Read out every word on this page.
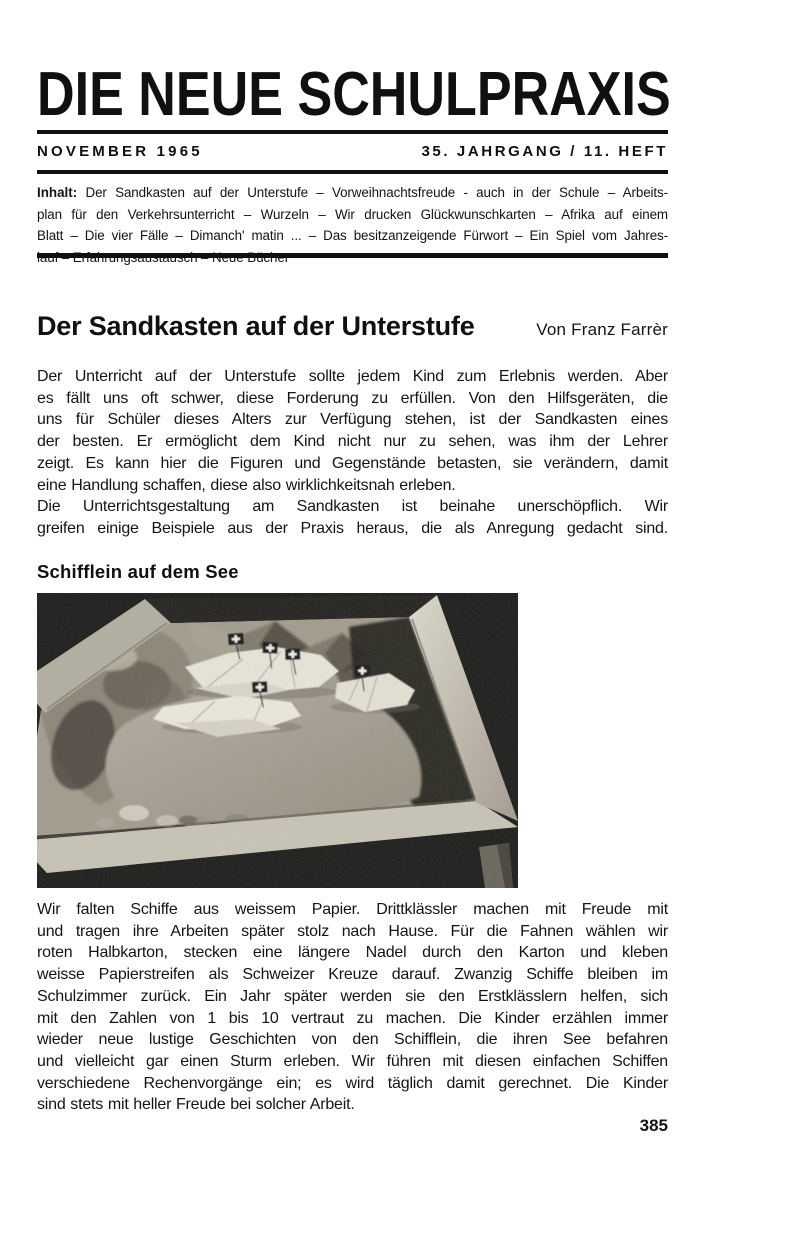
DIE NEUE SCHULPRAXIS
NOVEMBER 1965	35. JAHRGANG / 11. HEFT
Inhalt: Der Sandkasten auf der Unterstufe – Vorweihnachtsfreude - auch in der Schule – Arbeits-
plan für den Verkehrsunterricht – Wurzeln – Wir drucken Glückwunschkarten – Afrika auf einem
Blatt – Die vier Fälle – Dimanch' matin ... – Das besitzanzeigende Fürwort – Ein Spiel vom Jahres-
Der Sandkasten auf der Unterstufe	Von Franz Farrèr
Der Unterricht auf der Unterstufe sollte jedem Kind zum Erlebnis werden. Aber
es fällt uns oft schwer, diese Forderung zu erfüllen. Von den Hilfsgeräten, die
uns für Schüler dieses Alters zur Verfügung stehen, ist der Sandkasten eines
der besten. Er ermöglicht dem Kind nicht nur zu sehen, was ihm der Lehrer
zeigt. Es kann hier die Figuren und Gegenstände betasten, sie verändern, damit
eine Handlung schaffen, diese also wirklichkeitsnah erleben.
Die Unterrichtsgestaltung am Sandkasten ist beinahe unerschöpflich. Wir
greifen einige Beispiele aus der Praxis heraus, die als Anregung gedacht sind.
Schifflein auf dem See
Wir falten Schiffe aus weissem Papier. Drittklässler machen mit Freude mit
und tragen ihre Arbeiten später stolz nach Hause. Für die Fahnen wählen wir
roten Halbkarton, stecken eine längere Nadel durch den Karton und kleben
weisse Papierstreifen als Schweizer Kreuze darauf. Zwanzig Schiffe bleiben im
Schulzimmer zurück. Ein Jahr später werden sie den Erstklässlern helfen, sich
mit den Zahlen von 1 bis 10 vertraut zu machen. Die Kinder erzählen immer
wieder neue lustige Geschichten von den Schifflein, die ihren See befahren
und vielleicht gar einen Sturm erleben. Wir führen mit diesen einfachen Schiffen
verschiedene Rechenvorgänge ein; es wird täglich damit gerechnet. Die Kinder
sind stets mit heller Freude bei solcher Arbeit.
385
